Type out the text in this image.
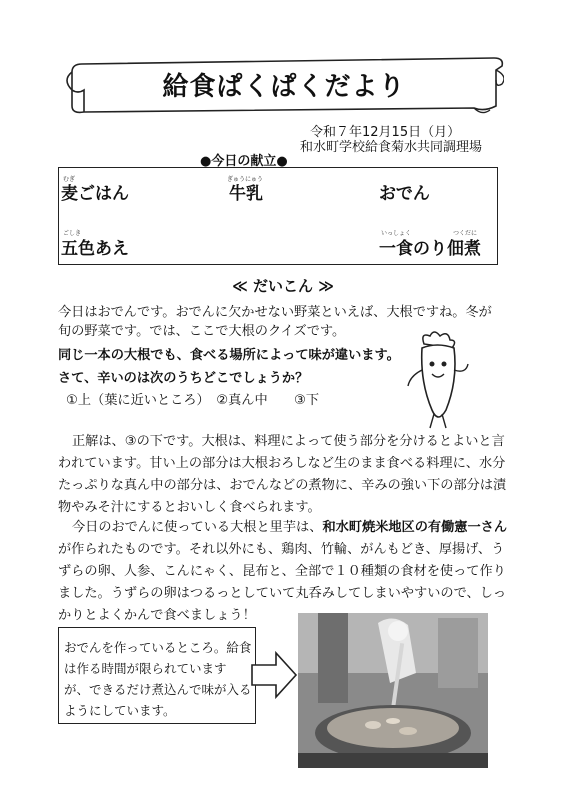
給食ぱくぱくだより
令和７年12月15日（月）
和水町学校給食菊水共同調理場
●今日の献立●
むぎ
麦ごはん
ぎゅうにゅう
牛乳	おでん
ごしき
五色あえ
いっしょく	つくだに
一食のり佃煮
≪ だいこん ≫
今日はおでんです。おでんに欠かせない野菜といえば、大根ですね。冬が
旬の野菜です。では、ここで大根のクイズです。
同じ一本の大根でも、食べる場所によって味が違います。
さて、辛いのは次のうちどこでしょうか？
①上（葉に近いところ）　②真ん中　　③下
正解は、③の下です。大根は、料理によって使う部分を分けるとよいと言
われています。甘い上の部分は大根おろしなど生のまま食べる料理に、水分
たっぷりな真ん中の部分は、おでんなどの煮物に、辛みの強い下の部分は漬
物やみそ汁にするとおいしく食べられます。
今日のおでんに使っている大根と里芋は、和水町焼米地区の有働憲一さん
が作られたものです。それ以外にも、鶏肉、竹輪、がんもどき、厚揚げ、う
ずらの卵、人参、こんにゃく、昆布と、全部で１０種類の食材を使って作り
ました。うずらの卵はつるっとしていて丸呑みしてしまいやすいので、しっ
かりとよくかんで食べましょう！
おでんを作っているところ。給食
は作る時間が限られています
が、できるだけ煮込んで味が入る
ようにしています。
